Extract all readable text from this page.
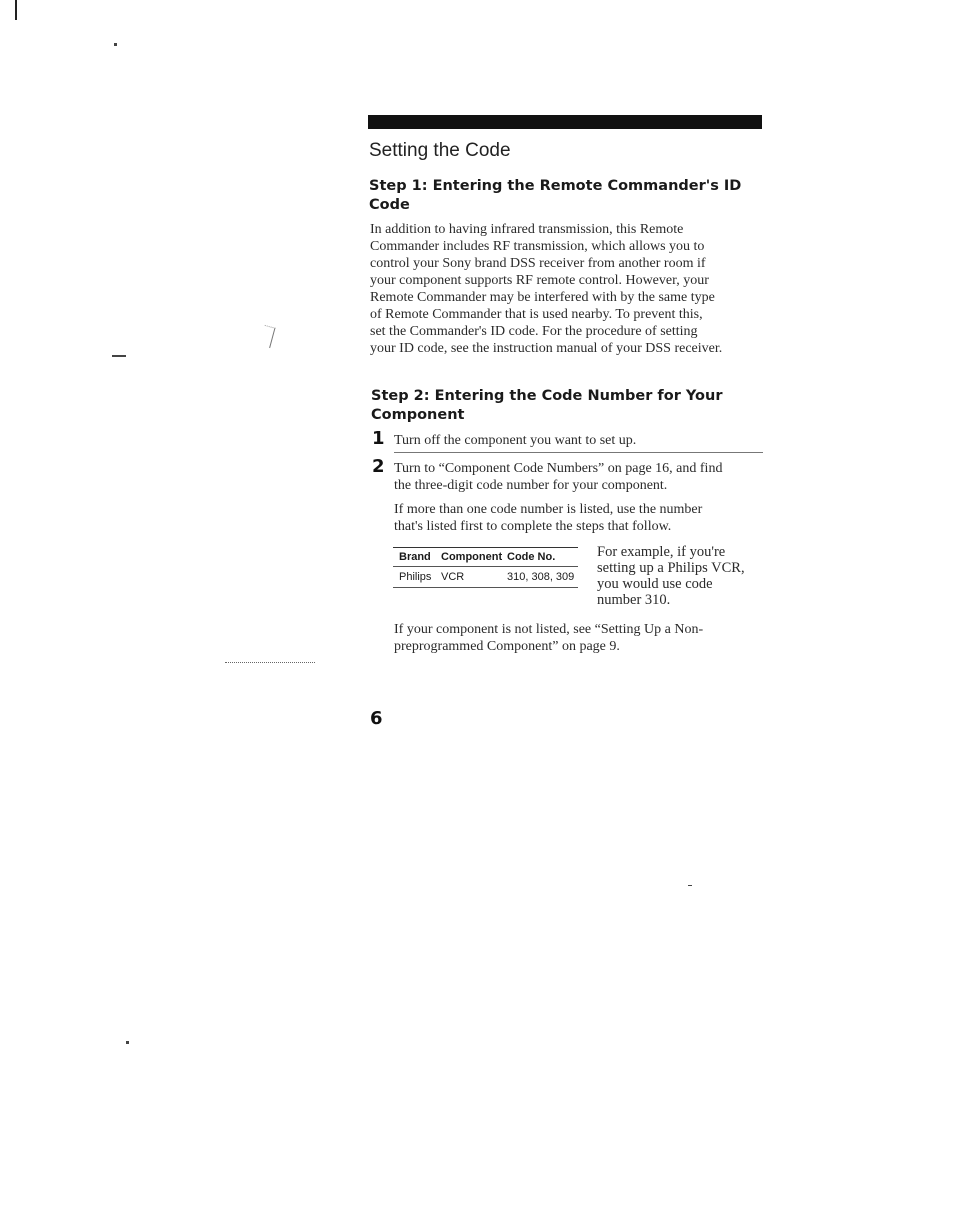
Setting the Code

Step 1: Entering the Remote Commander's ID

Code

In addition to having infrared transmission, this Remote

Commander includes RF transmission, which allows you to

control your Sony brand DSS receiver from another room if

your component supports RF remote control. However, your

Remote Commander may be interfered with by the same type

of Remote Commander that is used nearby. To prevent this,

set the Commander's ID code. For the procedure of setting

your ID code, see the instruction manual of your DSS receiver.

Step 2: Entering the Code Number for Your

Component

1 Turn off the component you want to set up.

2 Turn to “Component Code Numbers” on page 16, and find

the three-digit code number for your component.

If more than one code number is listed, use the number

that's listed first to complete the steps that follow.

Brand	Component	Code No.
Philips	VCR	310, 308, 309

For example, if you're

setting up a Philips VCR,

you would use code

number 310.

If your component is not listed, see “Setting Up a Non-

preprogrammed Component” on page 9.

6
